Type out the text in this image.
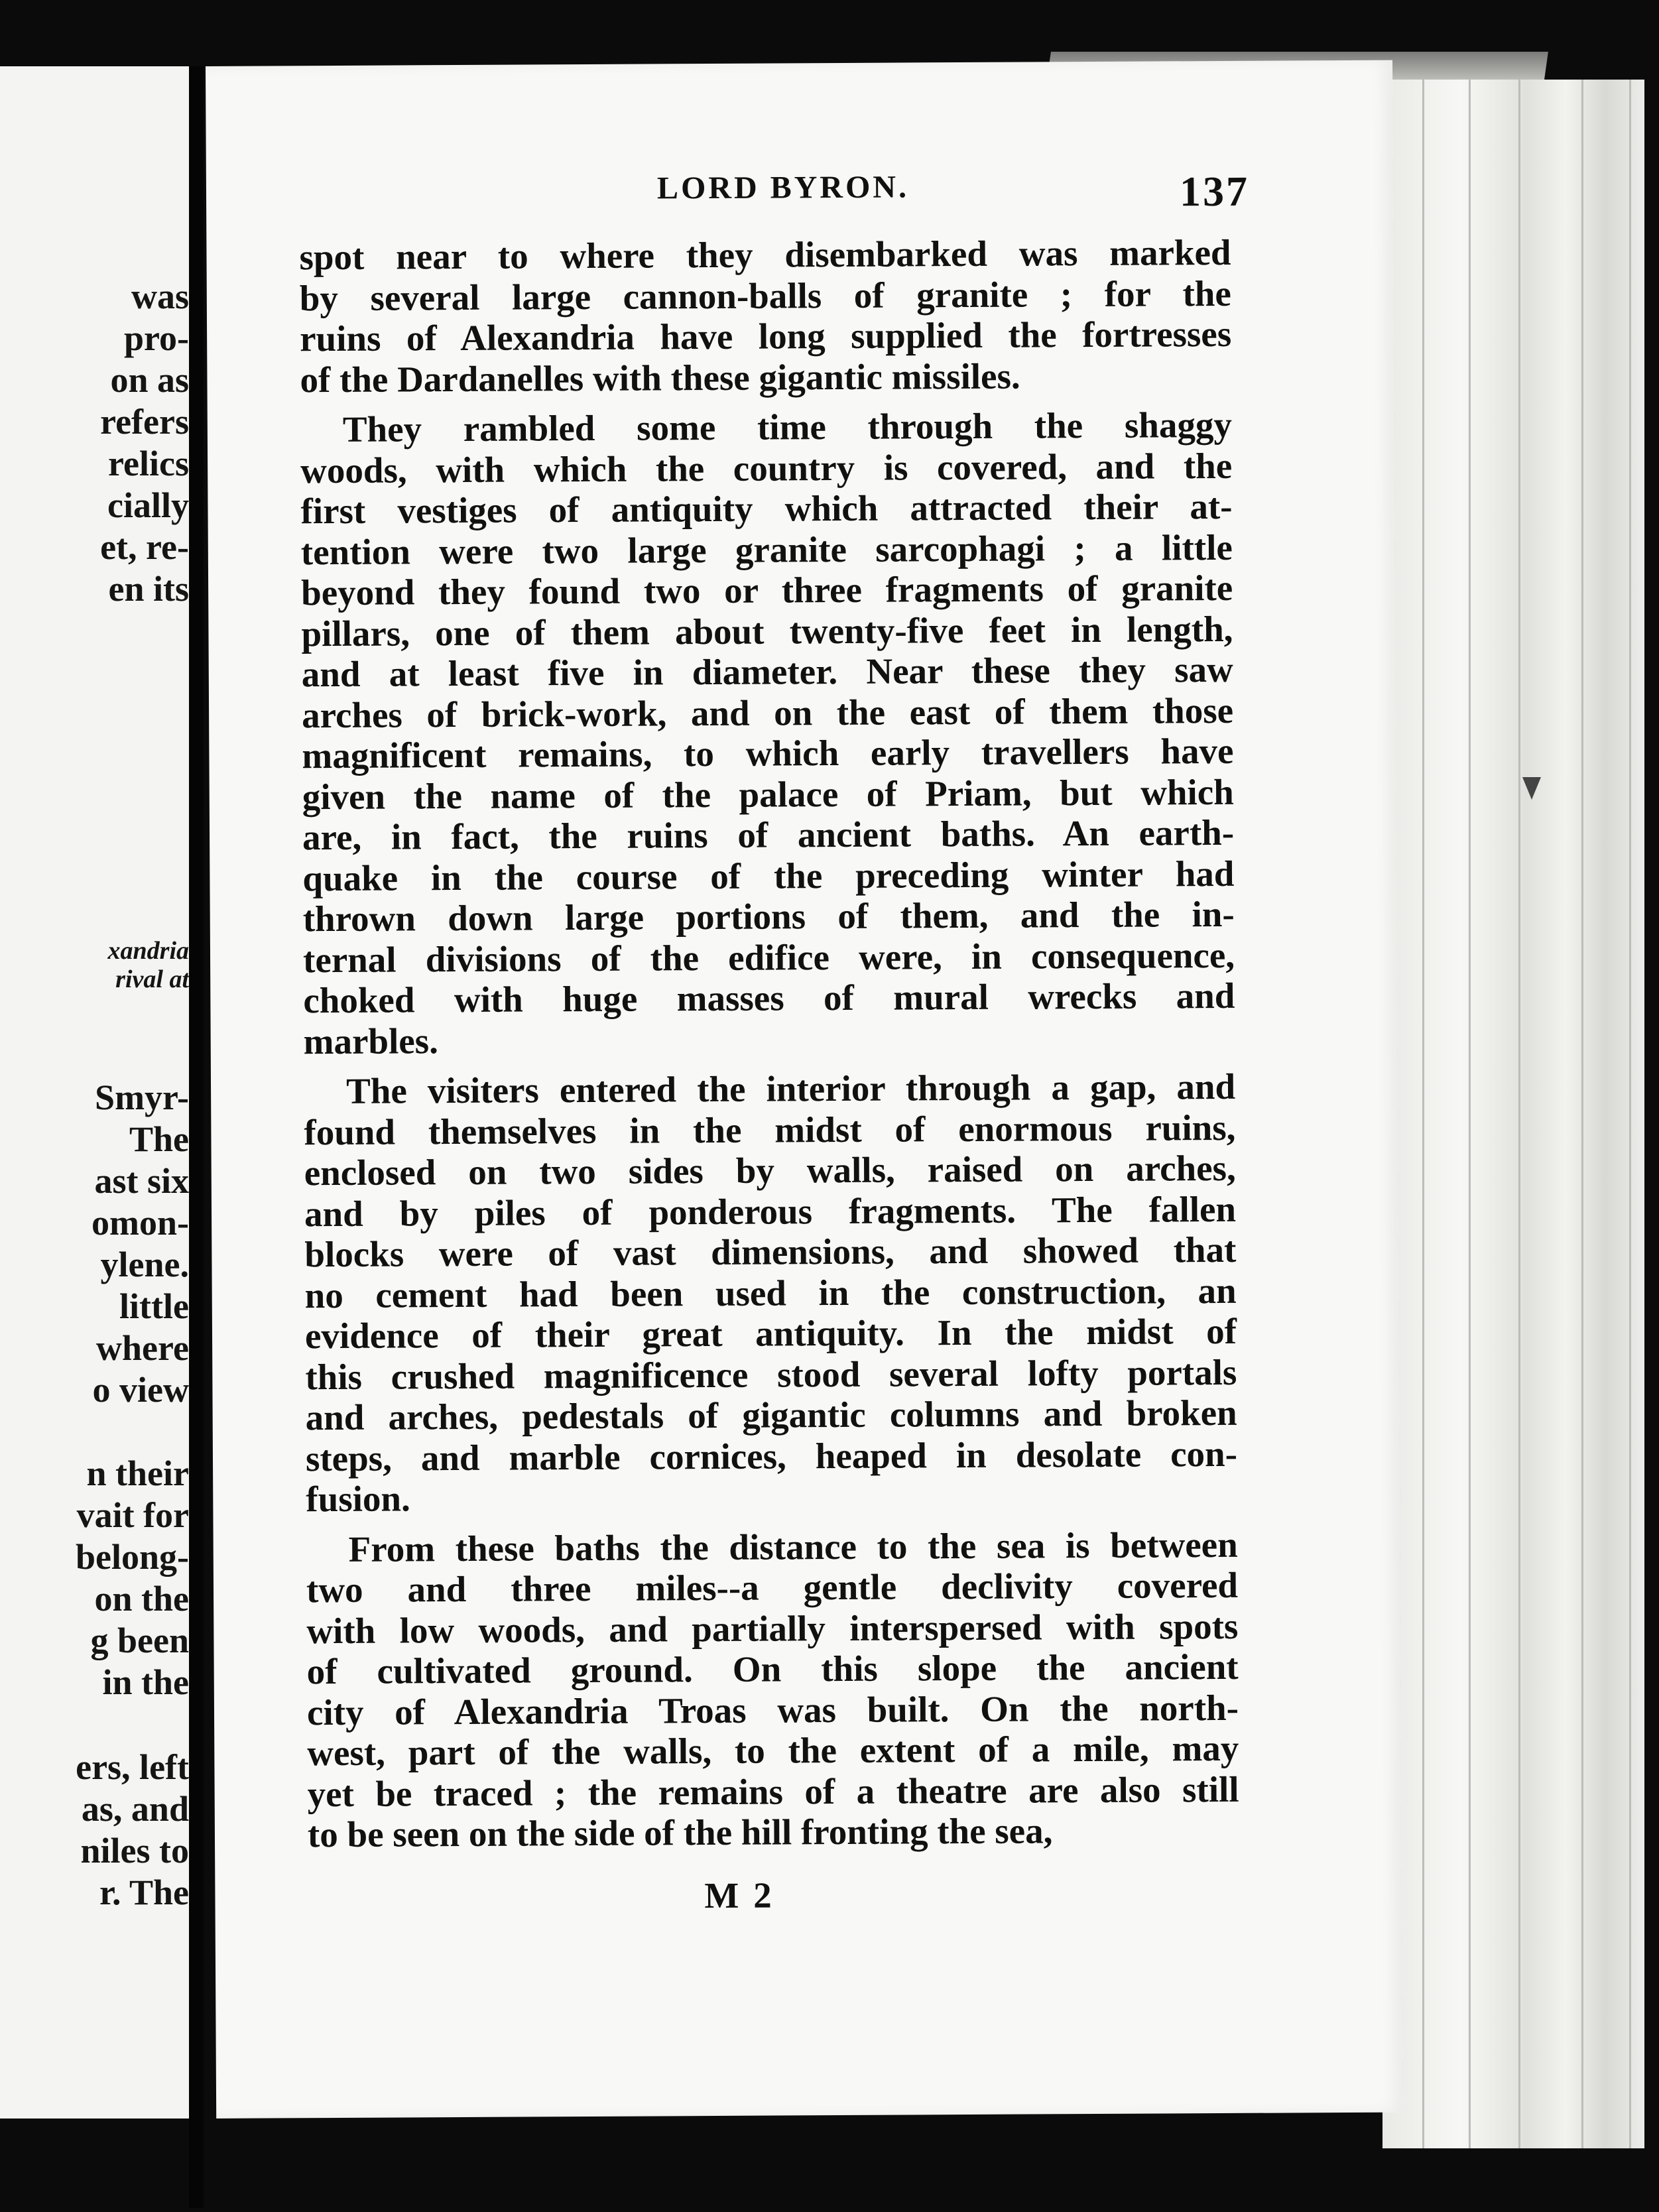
was
pro-
on as
refers
relics
cially
et, re-
en its
xandria
rival at
Smyr-
The
ast six
omon-
ylene.
little
where
o view
n their
vait for
belong-
on the
g been
in the
ers, left
as, and
niles to
r. The
LORD BYRON.	137
spot near to where they disembarked was marked
by several large cannon-balls of granite ; for the
ruins of Alexandria have long supplied the fortresses
of the Dardanelles with these gigantic missiles.
They rambled some time through the shaggy
woods, with which the country is covered, and the
first vestiges of antiquity which attracted their at-
tention were two large granite sarcophagi ; a little
beyond they found two or three fragments of granite
pillars, one of them about twenty-five feet in length,
and at least five in diameter. Near these they saw
arches of brick-work, and on the east of them those
magnificent remains, to which early travellers have
given the name of the palace of Priam, but which
are, in fact, the ruins of ancient baths. An earth-
quake in the course of the preceding winter had
thrown down large portions of them, and the in-
ternal divisions of the edifice were, in consequence,
choked with huge masses of mural wrecks and
marbles.
The visiters entered the interior through a gap, and
found themselves in the midst of enormous ruins,
enclosed on two sides by walls, raised on arches,
and by piles of ponderous fragments. The fallen
blocks were of vast dimensions, and showed that
no cement had been used in the construction, an
evidence of their great antiquity. In the midst of
this crushed magnificence stood several lofty portals
and arches, pedestals of gigantic columns and broken
steps, and marble cornices, heaped in desolate con-
fusion.
From these baths the distance to the sea is between
two and three miles--a gentle declivity covered
with low woods, and partially interspersed with spots
of cultivated ground. On this slope the ancient
city of Alexandria Troas was built. On the north-
west, part of the walls, to the extent of a mile, may
yet be traced ; the remains of a theatre are also still
to be seen on the side of the hill fronting the sea,
M 2
